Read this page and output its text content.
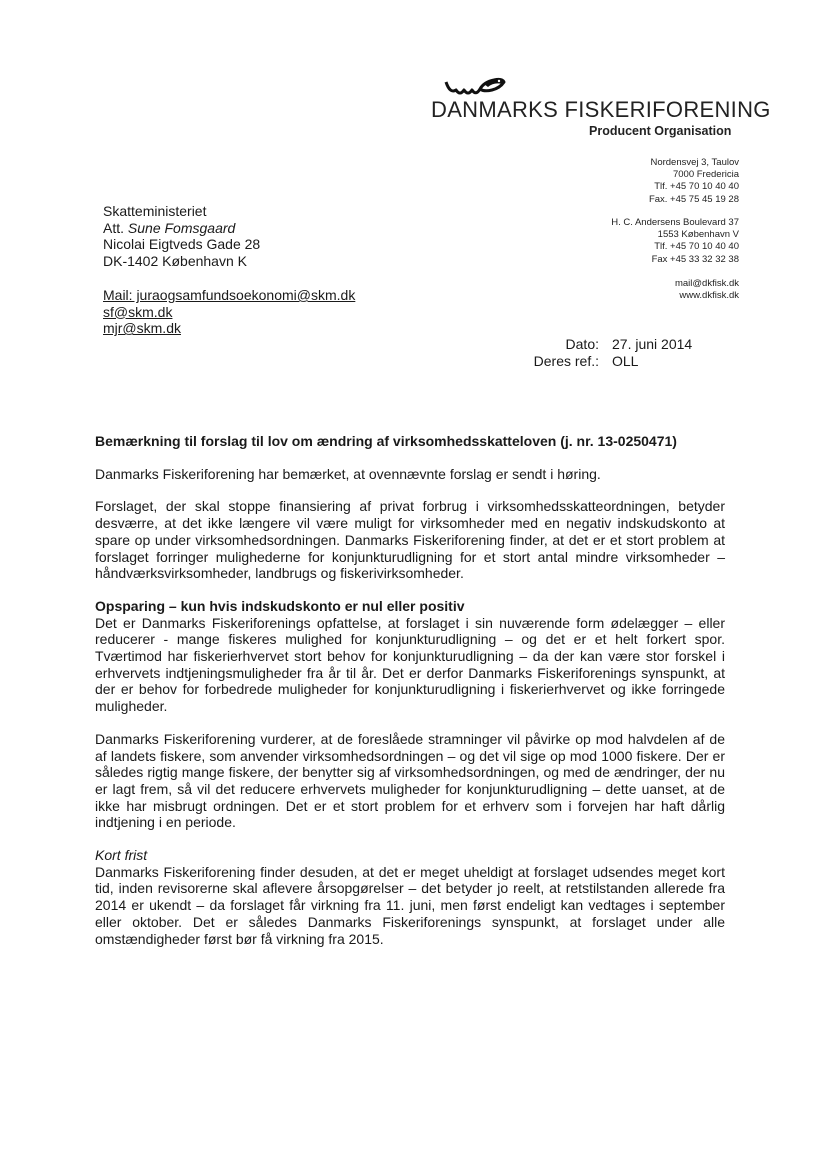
DANMARKS FISKERIFORENING
Producent Organisation
Nordensvej 3, Taulov
7000 Fredericia
Tlf. +45 70 10 40 40
Fax. +45 75 45 19 28
H. C. Andersens Boulevard 37
1553 København V
Tlf. +45 70 10 40 40
Fax +45 33 32 32 38
mail@dkfisk.dk
www.dkfisk.dk
Skatteministeriet
Att. Sune Fomsgaard
Nicolai Eigtveds Gade 28
DK-1402 København K
Mail: juraogsamfundsoekonomi@skm.dk
sf@skm.dk
mjr@skm.dk
Dato: 27. juni 2014
Deres ref.: OLL

Bemærkning til forslag til lov om ændring af virksomhedsskatteloven (j. nr. 13-0250471)

Danmarks Fiskeriforening har bemærket, at ovennævnte forslag er sendt i høring.

Forslaget, der skal stoppe finansiering af privat forbrug i virksomhedsskatteordningen, betyder desværre, at det ikke længere vil være muligt for virksomheder med en negativ indskudskonto at spare op under virksomhedsordningen. Danmarks Fiskeriforening finder, at det er et stort problem at forslaget forringer mulighederne for konjunkturudligning for et stort antal mindre virksomheder – håndværksvirksomheder, landbrugs og fiskerivirksomheder.

Opsparing – kun hvis indskudskonto er nul eller positiv

Det er Danmarks Fiskeriforenings opfattelse, at forslaget i sin nuværende form ødelægger – eller reducerer - mange fiskeres mulighed for konjunkturudligning – og det er et helt forkert spor. Tværtimod har fiskerierhvervet stort behov for konjunkturudligning – da der kan være stor forskel i erhvervets indtjeningsmuligheder fra år til år. Det er derfor Danmarks Fiskeriforenings synspunkt, at der er behov for forbedrede muligheder for konjunkturudligning i fiskerierhvervet og ikke forringede muligheder.

Danmarks Fiskeriforening vurderer, at de foreslåede stramninger vil påvirke op mod halvdelen af de af landets fiskere, som anvender virksomhedsordningen – og det vil sige op mod 1000 fiskere. Der er således rigtig mange fiskere, der benytter sig af virksomhedsordningen, og med de ændringer, der nu er lagt frem, så vil det reducere erhvervets muligheder for konjunkturudligning – dette uanset, at de ikke har misbrugt ordningen. Det er et stort problem for et erhverv som i forvejen har haft dårlig indtjening i en periode.

Kort frist

Danmarks Fiskeriforening finder desuden, at det er meget uheldigt at forslaget udsendes meget kort tid, inden revisorerne skal aflevere årsopgørelser – det betyder jo reelt, at retstilstanden allerede fra 2014 er ukendt – da forslaget får virkning fra 11. juni, men først endeligt kan vedtages i september eller oktober. Det er således Danmarks Fiskeriforenings synspunkt, at forslaget under alle omstændigheder først bør få virkning fra 2015.
